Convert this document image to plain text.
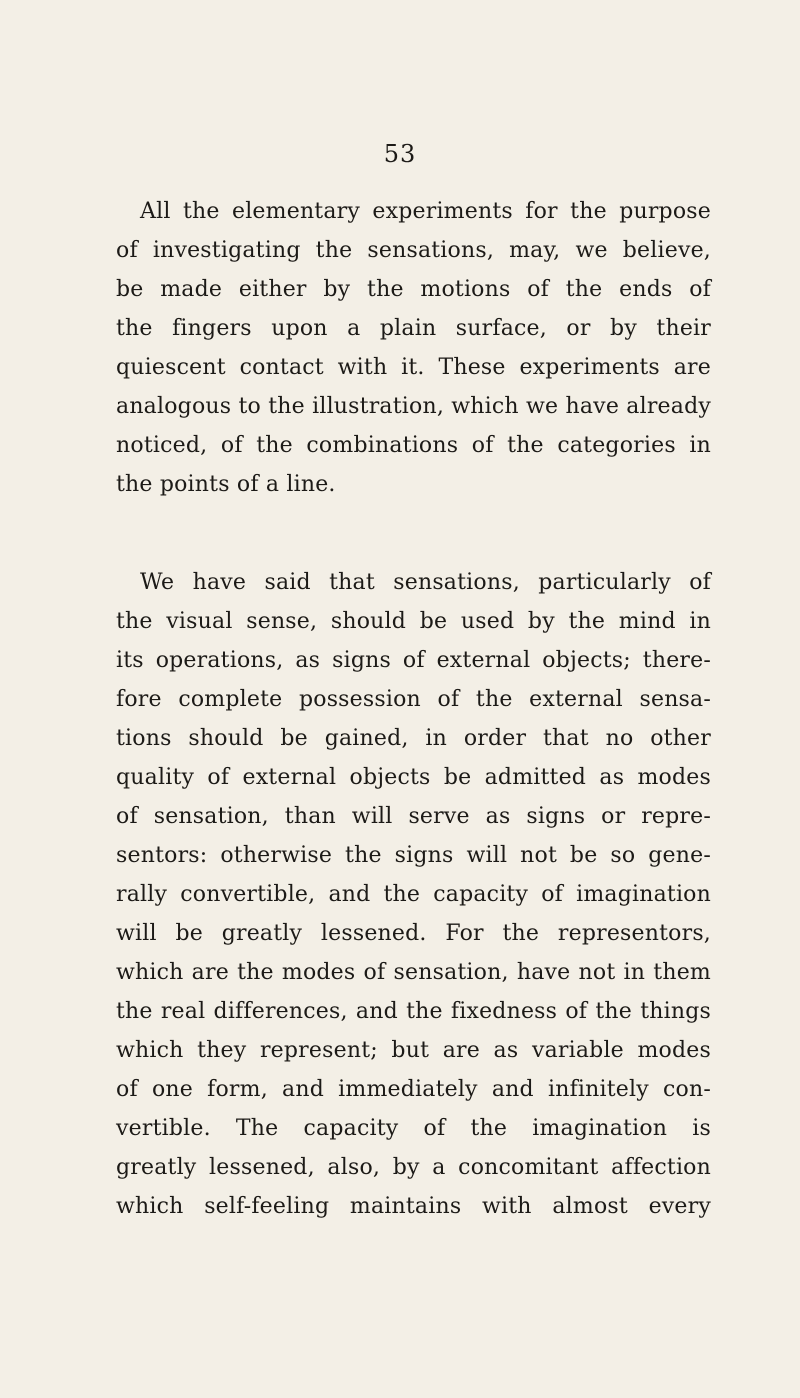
53
All the elementary experiments for the purpose
of investigating the sensations, may, we believe,
be made either by the motions of the ends of
the fingers upon a plain surface, or by their
quiescent contact with it. These experiments are
analogous to the illustration, which we have already
noticed, of the combinations of the categories in
the points of a line.
We have said that sensations, particularly of
the visual sense, should be used by the mind in
its operations, as signs of external objects; there-
fore complete possession of the external sensa-
tions should be gained, in order that no other
quality of external objects be admitted as modes
of sensation, than will serve as signs or repre-
sentors: otherwise the signs will not be so gene-
rally convertible, and the capacity of imagination
will be greatly lessened. For the representors,
which are the modes of sensation, have not in them
the real differences, and the fixedness of the things
which they represent; but are as variable modes
of one form, and immediately and infinitely con-
vertible. The capacity of the imagination is
greatly lessened, also, by a concomitant affection
which self-feeling maintains with almost every
